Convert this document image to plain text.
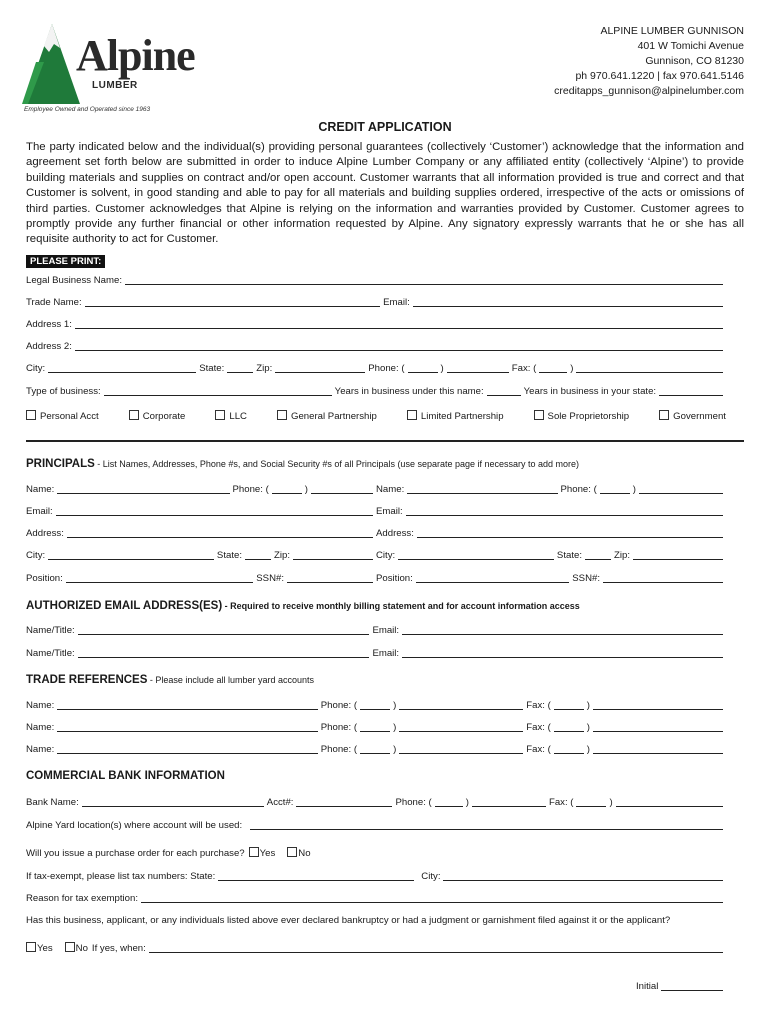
Alpine
LUMBER
Employee Owned and Operated since 1963
ALPINE LUMBER GUNNISON
401 W Tomichi Avenue
Gunnison, CO 81230
ph 970.641.1220 | fax 970.641.5146
creditapps_gunnison@alpinelumber.com
CREDIT APPLICATION

The party indicated below and the individual(s) providing personal guarantees (collectively ‘Customer’) acknowledge that the information and agreement set forth below are submitted in order to induce Alpine Lumber Company or any affiliated entity (collectively ‘Alpine’) to provide building materials and supplies on contract and/or open account. Customer warrants that all information provided is true and correct and that Customer is solvent, in good standing and able to pay for all materials and building supplies ordered, irrespective of the acts or omissions of third parties. Customer acknowledges that Alpine is relying on the information and warranties provided by Customer. Customer agrees to promptly provide any further financial or other information requested by Alpine. Any signatory expressly warrants that he or she has all requisite authority to act for Customer.

PLEASE PRINT:
Legal Business Name:
Trade Name:	Email:
Address 1:
Address 2:
City:	State:	Zip:	Phone: (	)	Fax: (	)
Type of business:	Years in business under this name:	Years in business in your state:
Personal Acct	Corporate	LLC	General Partnership	Limited Partnership	Sole Proprietorship	Government
PRINCIPALS - List Names, Addresses, Phone #s, and Social Security #s of all Principals (use separate page if necessary to add more)
Name:	Phone: (	)	Name:	Phone: (	)
Email:	Email:
Address:	Address:
City:	State:	Zip:	City:	State:	Zip:
Position:	SSN#:	Position:	SSN#:
AUTHORIZED EMAIL ADDRESS(ES) - Required to receive monthly billing statement and for account information access
Name/Title:	Email:
Name/Title:	Email:
TRADE REFERENCES - Please include all lumber yard accounts
Name:	Phone: (	)	Fax: (	)
Name:	Phone: (	)	Fax: (	)
Name:	Phone: (	)	Fax: (	)
COMMERCIAL BANK INFORMATION
Bank Name:	Acct#:	Phone: (	)	Fax: (	)
Alpine Yard location(s) where account will be used:
Will you issue a purchase order for each purchase?	Yes	No
If tax-exempt, please list tax numbers: State:	City:
Reason for tax exemption:
Has this business, applicant, or any individuals listed above ever declared bankruptcy or had a judgment or garnishment filed against it or the applicant?
Yes	No If yes, when:
Initial
